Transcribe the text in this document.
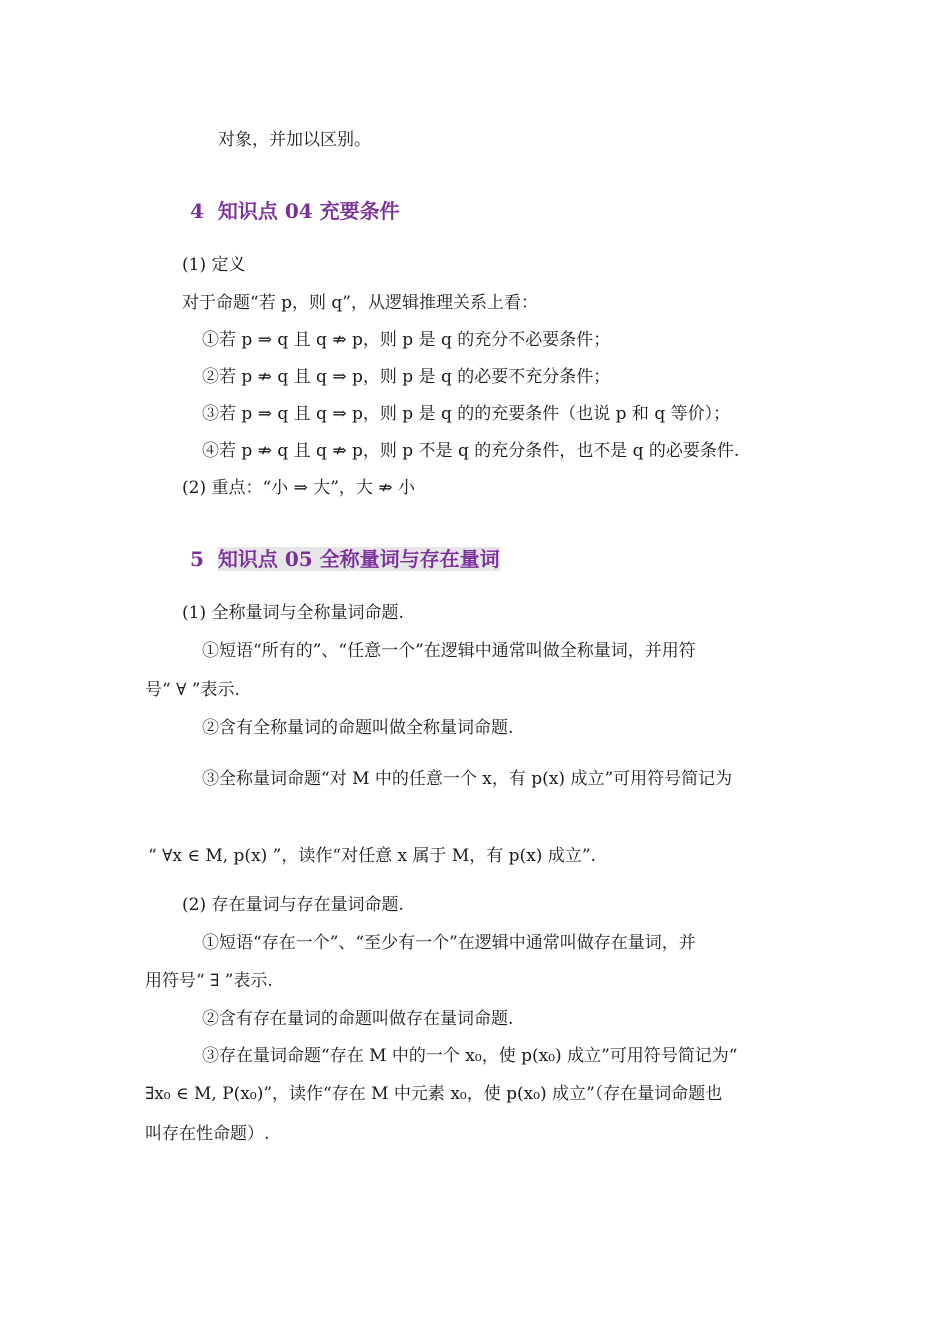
对象，并加以区别。
4 知识点 04 充要条件
(1) 定义
对于命题“若 p，则 q”，从逻辑推理关系上看：
①若 p ⇒ q 且 q ⇏ p，则 p 是 q 的充分不必要条件；
②若 p ⇏ q 且 q ⇒ p，则 p 是 q 的必要不充分条件；
③若 p ⇒ q 且 q ⇒ p，则 p 是 q 的的充要条件（也说 p 和 q 等价）；
④若 p ⇏ q 且 q ⇏ p，则 p 不是 q 的充分条件，也不是 q 的必要条件.
(2) 重点：“小 ⇒ 大”，大 ⇏ 小
5 知识点 05 全称量词与存在量词
(1) 全称量词与全称量词命题.
①短语“所有的”、“任意一个”在逻辑中通常叫做全称量词，并用符
号“ ∀ ”表示.
②含有全称量词的命题叫做全称量词命题.
③全称量词命题“对 M 中的任意一个 x，有 p(x) 成立”可用符号简记为
“ ∀x ∈ M, p(x) ”，读作“对任意 x 属于 M，有 p(x) 成立”.
(2) 存在量词与存在量词命题.
①短语“存在一个”、“至少有一个”在逻辑中通常叫做存在量词，并
用符号“ ∃ ”表示.
②含有存在量词的命题叫做存在量词命题.
③存在量词命题“存在 M 中的一个 x₀，使 p(x₀) 成立”可用符号简记为“
∃x₀ ∈ M, P(x₀)”，读作“存在 M 中元素 x₀，使 p(x₀) 成立”（存在量词命题也
叫存在性命题）.
